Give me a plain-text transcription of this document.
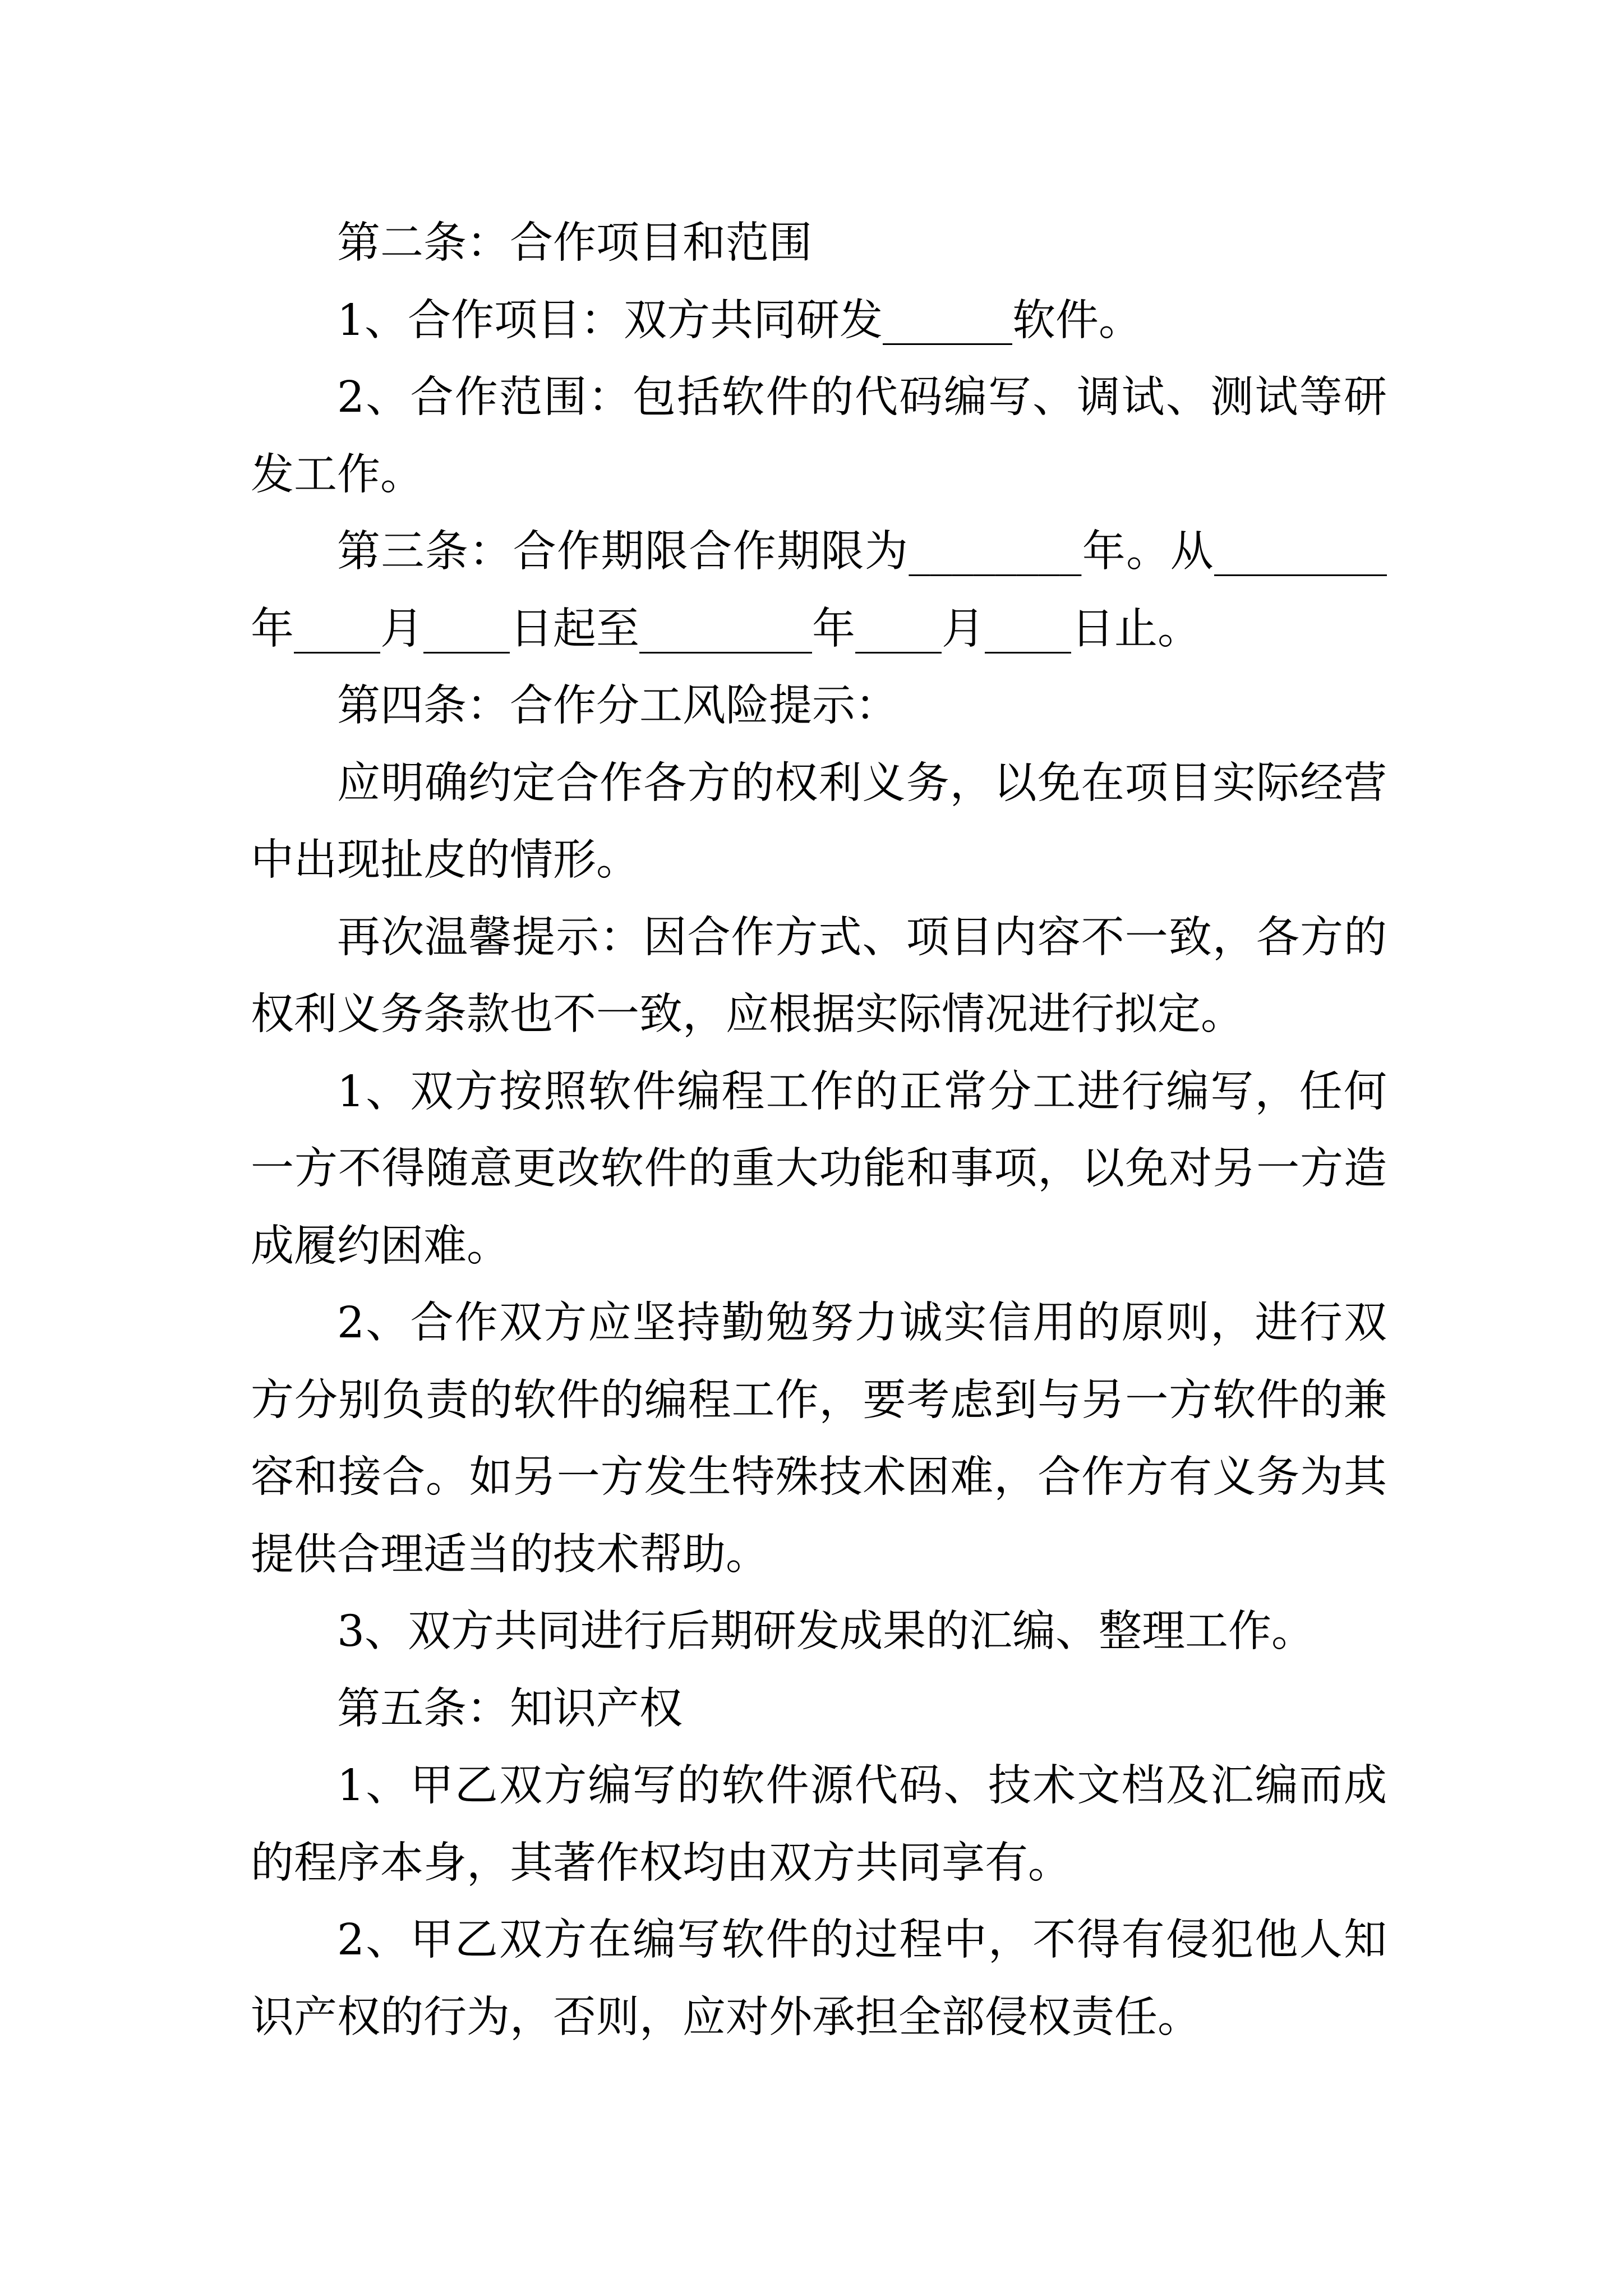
第二条：合作项目和范围
1、合作项目：双方共同研发______软件。
2、合作范围：包括软件的代码编写、调试、测试等研
发工作。
第三条：合作期限合作期限为________年。从________
年____月____日起至________年____月____日止。
第四条：合作分工风险提示：
应明确约定合作各方的权利义务，以免在项目实际经营
中出现扯皮的情形。
再次温馨提示：因合作方式、项目内容不一致，各方的
权利义务条款也不一致，应根据实际情况进行拟定。
1、双方按照软件编程工作的正常分工进行编写，任何
一方不得随意更改软件的重大功能和事项，以免对另一方造
成履约困难。
2、合作双方应坚持勤勉努力诚实信用的原则，进行双
方分别负责的软件的编程工作，要考虑到与另一方软件的兼
容和接合。如另一方发生特殊技术困难，合作方有义务为其
提供合理适当的技术帮助。
3、双方共同进行后期研发成果的汇编、整理工作。
第五条：知识产权
1、甲乙双方编写的软件源代码、技术文档及汇编而成
的程序本身，其著作权均由双方共同享有。
2、甲乙双方在编写软件的过程中，不得有侵犯他人知
识产权的行为，否则，应对外承担全部侵权责任。
